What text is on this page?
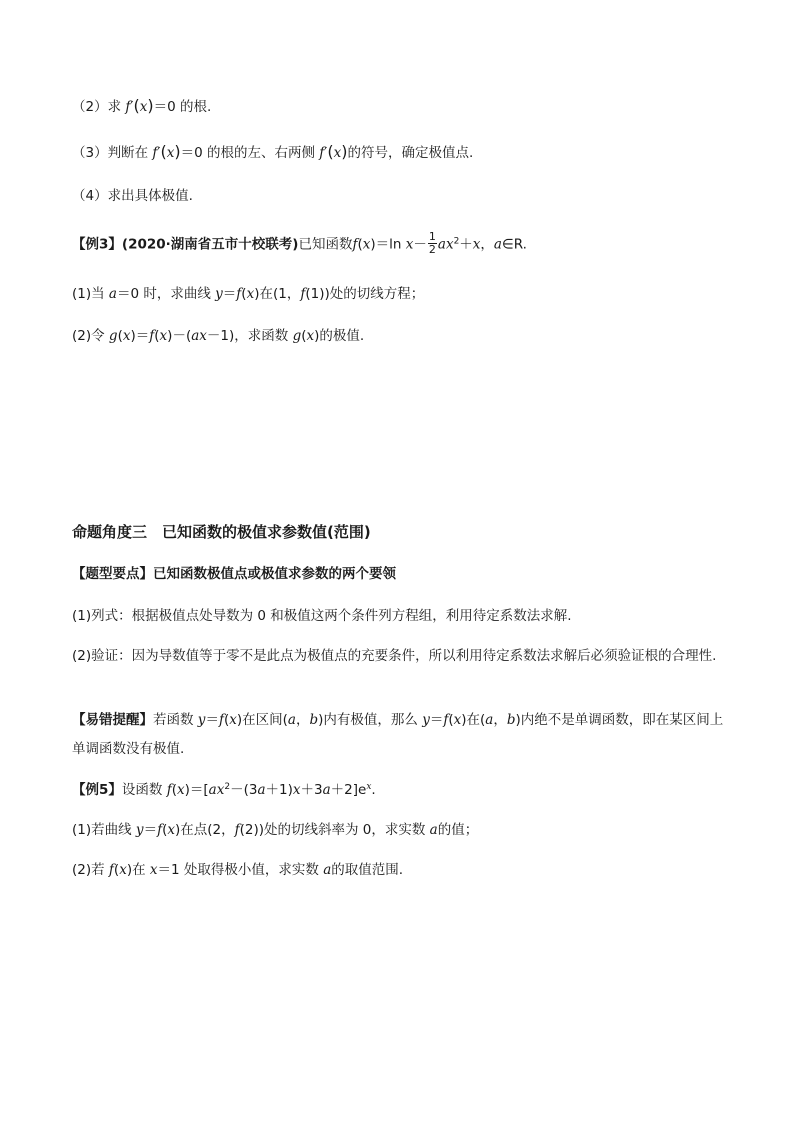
（2）求 f′(x)＝0 的根.
（3）判断在 f′(x)＝0 的根的左、右两侧 f′(x)的符号，确定极值点.
（4）求出具体极值.
【例3】(2020·湖南省五市十校联考)已知函数f(x)＝ln $x- \frac{1}{2} ax^2+x$，a∈R.
(1)当 a＝0 时，求曲线 y＝f(x)在(1，f(1))处的切线方程；
(2)令 g(x)＝f(x)－(ax－1)，求函数 g(x)的极值.
命题角度三　已知函数的极值求参数值(范围)
【题型要点】已知函数极值点或极值求参数的两个要领
(1)列式：根据极值点处导数为 0 和极值这两个条件列方程组，利用待定系数法求解.
(2)验证：因为导数值等于零不是此点为极值点的充要条件，所以利用待定系数法求解后必须验证根的合理性.
【易错提醒】若函数 y＝f(x)在区间(a，b)内有极值，那么 y＝f(x)在(a，b)内绝不是单调函数，即在某区间上单调函数没有极值.
【例5】设函数 $f(x)=[ax^2-(3a+1)x+3a+2]e^x$.
(1)若曲线 y＝f(x)在点(2，f(2))处的切线斜率为 0，求实数 a的值；
(2)若 f(x)在 x＝1 处取得极小值，求实数 a的取值范围.
